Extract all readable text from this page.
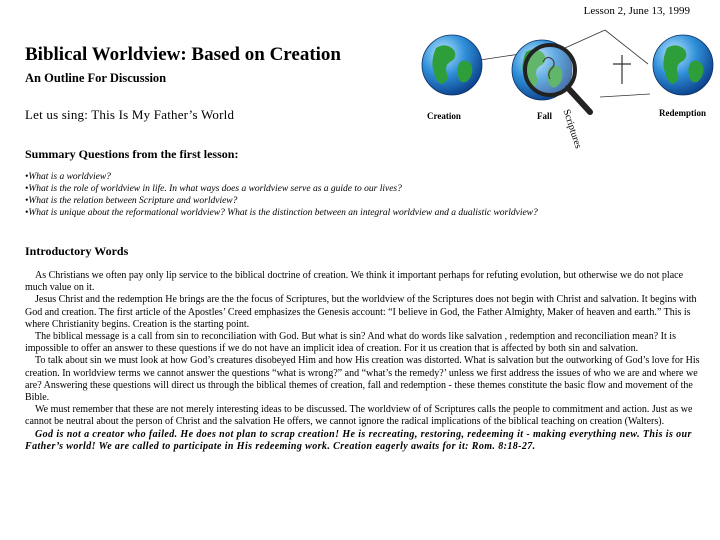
Lesson 2, June 13, 1999
Biblical Worldview: Based on Creation
An Outline For Discussion
Let us sing: This Is My Father’s World	Creation	Fall Scriptures	Redemption
Summary Questions from the first lesson:
•What is a worldview?
•What is the role of worldview in life. In what ways does a worldview serve as a guide to our lives?
•What is the relation between Scripture and worldview?
•What is unique about the reformational worldview? What is the distinction between an integral worldview and a dualistic worldview?
Introductory Words

As Christians we often pay only lip service to the biblical doctrine of creation. We think it important perhaps for refuting evolution, but otherwise we do not place much value on it.

Jesus Christ and the redemption He brings are the the focus of Scriptures, but the worldview of the Scriptures does not begin with Christ and salvation. It begins with God and creation. The first article of the Apostles’ Creed emphasizes the Genesis account: “I believe in God, the Father Almighty, Maker of heaven and earth.” This is where Christianity begins. Creation is the starting point.

The biblical message is a call from sin to reconciliation with God. But what is sin? And what do words like salvation , redemption and reconciliation mean? It is impossible to offer an answer to these questions if we do not have an implicit idea of creation. For it us creation that is affected by both sin and salvation.

To talk about sin we must look at how God’s creatures disobeyed Him and how His creation was distorted. What is salvation but the outworking of God’s love for His creation. In worldview terms we cannot answer the questions “what is wrong?” and “what’s the remedy?’ unless we first address the issues of who we are and where we are? Answering these questions will direct us through the biblical themes of creation, fall and redemption - these themes constitute the basic flow and movement of the Bible.

We must remember that these are not merely interesting ideas to be discussed. The worldview of of Scriptures calls the people to commitment and action. Just as we cannot be neutral about the person of Christ and the salvation He offers, we cannot ignore the radical implications of the biblical teaching on creation (Walters).

God is not a creator who failed. He does not plan to scrap creation! He is recreating, restoring, redeeming it - making everything new. This is our Father’s world! We are called to participate in His redeeming work. Creation eagerly awaits for it: Rom. 8:18-27.
